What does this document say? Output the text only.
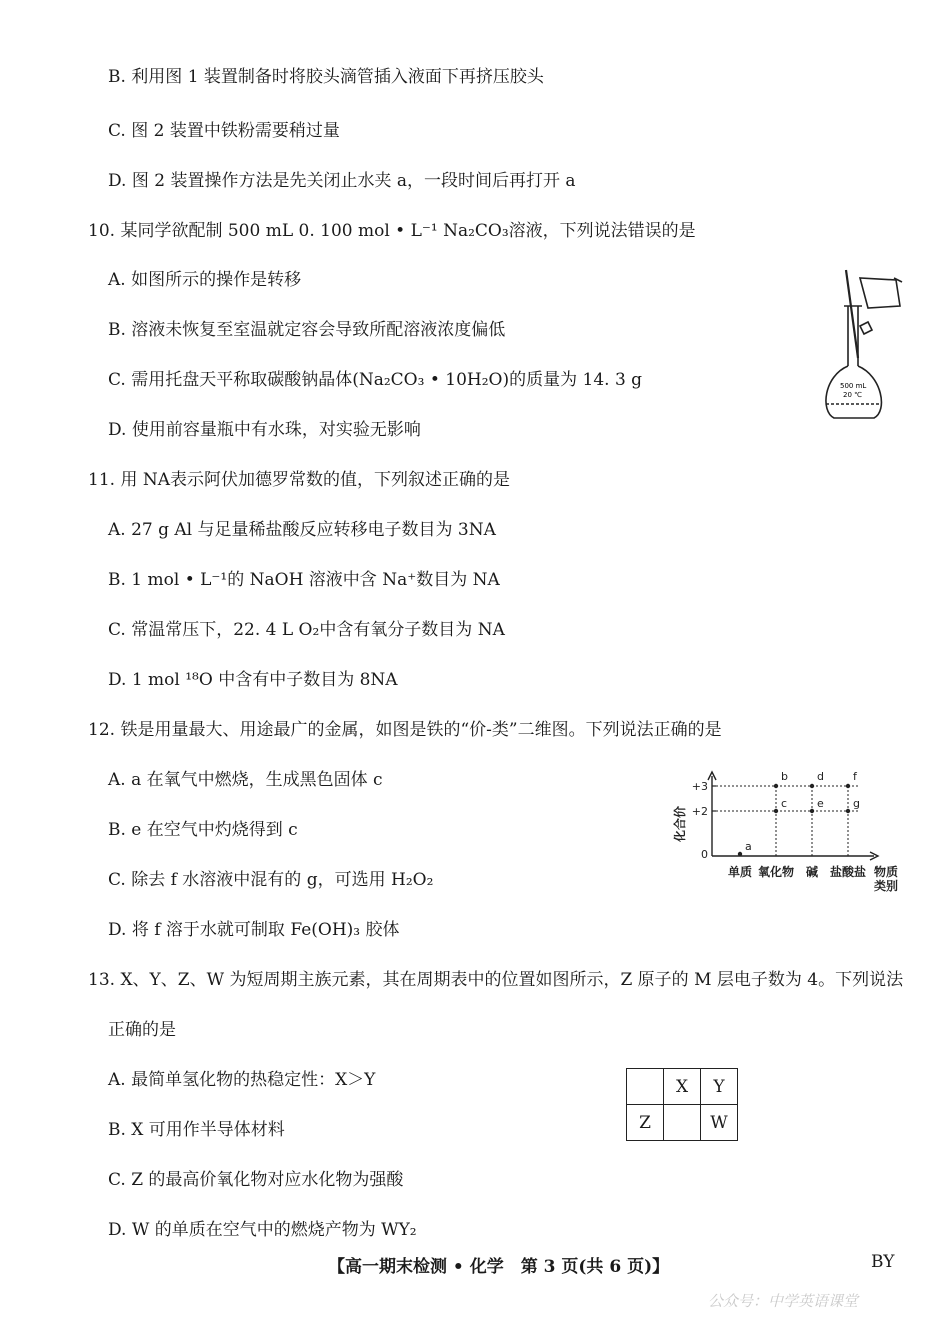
B. 利用图 1 装置制备时将胶头滴管插入液面下再挤压胶头
C. 图 2 装置中铁粉需要稍过量
D. 图 2 装置操作方法是先关闭止水夹 a，一段时间后再打开 a
10. 某同学欲配制 500 mL 0. 100 mol • L⁻¹ Na₂CO₃溶液，下列说法错误的是
A. 如图所示的操作是转移
B. 溶液未恢复至室温就定容会导致所配溶液浓度偏低
C. 需用托盘天平称取碳酸钠晶体(Na₂CO₃ • 10H₂O)的质量为 14. 3 g
D. 使用前容量瓶中有水珠，对实验无影响
500 mL
20 ℃
11. 用 NA表示阿伏加德罗常数的值，下列叙述正确的是
A. 27 g Al 与足量稀盐酸反应转移电子数目为 3NA
B. 1 mol • L⁻¹的 NaOH 溶液中含 Na⁺数目为 NA
C. 常温常压下，22. 4 L O₂中含有氧分子数目为 NA
D. 1 mol ¹⁸O 中含有中子数目为 8NA
12. 铁是用量最大、用途最广的金属，如图是铁的“价-类”二维图。下列说法正确的是
A. a 在氧气中燃烧，生成黑色固体 c
B. e 在空气中灼烧得到 c
C. 除去 f 水溶液中混有的 g，可选用 H₂O₂
D. 将 f 溶于水就可制取 Fe(OH)₃ 胶体
化合价
物质
类别
+3
+2
0
单质 氧化物 碱 盐酸盐
a
b
c
d
e
f
g
13. X、Y、Z、W 为短周期主族元素，其在周期表中的位置如图所示，Z 原子的 M 层电子数为 4。下列说法
正确的是
A. 最简单氢化物的热稳定性：X＞Y
B. X 可用作半导体材料
C. Z 的最高价氧化物对应水化物为强酸
D. W 的单质在空气中的燃烧产物为 WY₂
	X	Y
Z		W
【高一期末检测 • 化学　第 3 页(共 6 页)】	BY
公众号：中学英语课堂
